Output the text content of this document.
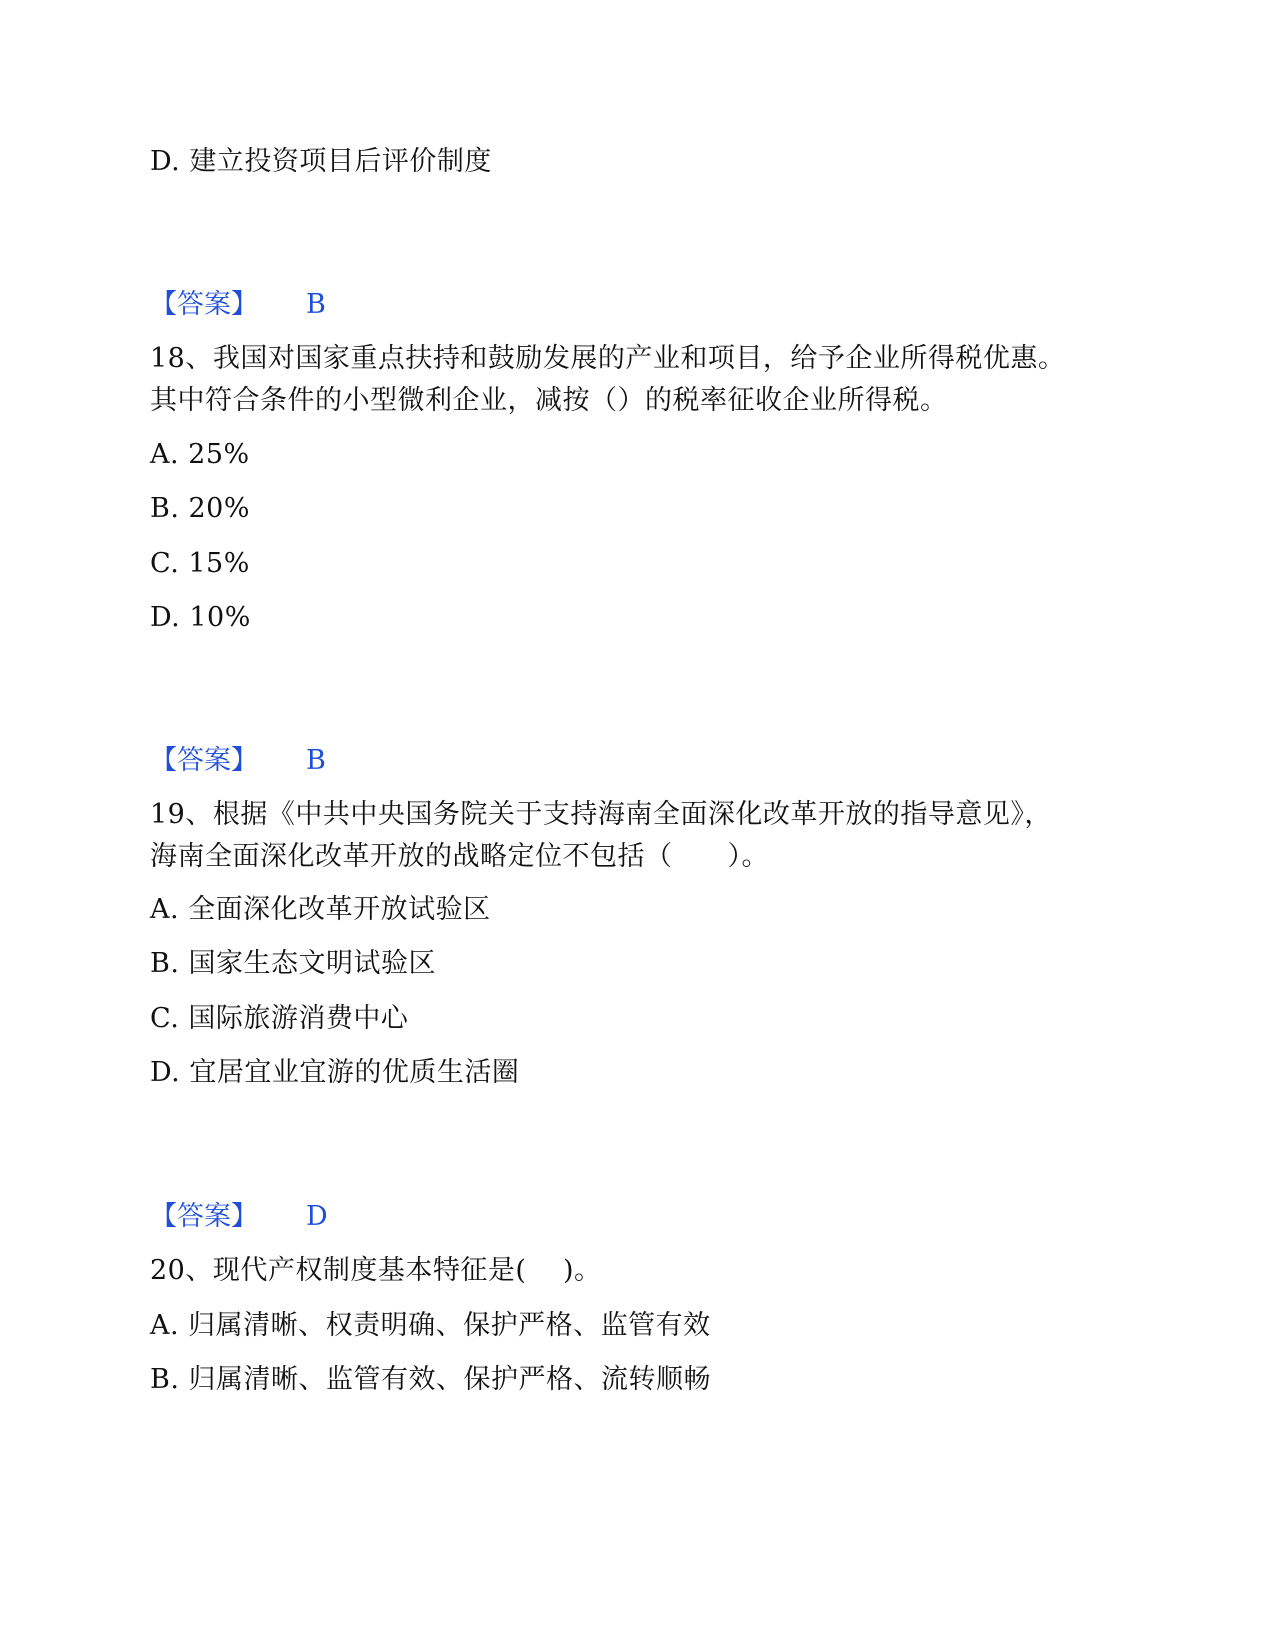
D. 建立投资项目后评价制度
【答案】 B
18、我国对国家重点扶持和鼓励发展的产业和项目，给予企业所得税优惠。
其中符合条件的小型微利企业，减按（）的税率征收企业所得税。
A. 25%
B. 20%
C. 15%
D. 10%
【答案】 B
19、根据《中共中央国务院关于支持海南全面深化改革开放的指导意见》，
海南全面深化改革开放的战略定位不包括（　　）。
A. 全面深化改革开放试验区
B. 国家生态文明试验区
C. 国际旅游消费中心
D. 宜居宜业宜游的优质生活圈
【答案】 D
20、现代产权制度基本特征是(　 )。
A. 归属清晰、权责明确、保护严格、监管有效
B. 归属清晰、监管有效、保护严格、流转顺畅
